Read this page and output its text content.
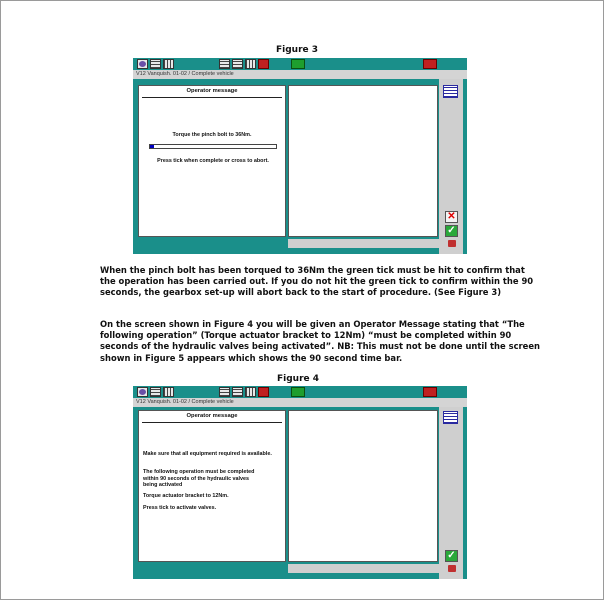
Figure 3
V12 Vanquish. 01-02 / Complete vehicle
Operator message

Torque the pinch bolt to 36Nm.

Press tick when complete or cross to abort.

✕
✓

When the pinch bolt has been torqued to 36Nm the green tick must be hit to confirm that the operation has been carried out. If you do not hit the green tick to confirm within the 90 seconds, the gearbox set-up will abort back to the start of procedure. (See Figure 3)

On the screen shown in Figure 4 you will be given an Operator Message stating that “The following operation” (Torque actuator bracket to 12Nm) “must be completed within 90 seconds of the hydraulic valves being activated”. NB: This must not be done until the screen shown in Figure 5 appears which shows the 90 second time bar.

Figure 4
V12 Vanquish. 01-02 / Complete vehicle
Operator message

Make sure that all equipment required is available.

The following operation must be completed within 90 seconds of the hydraulic valves being activated

Torque actuator bracket to 12Nm.

Press tick to activate valves.

✓
